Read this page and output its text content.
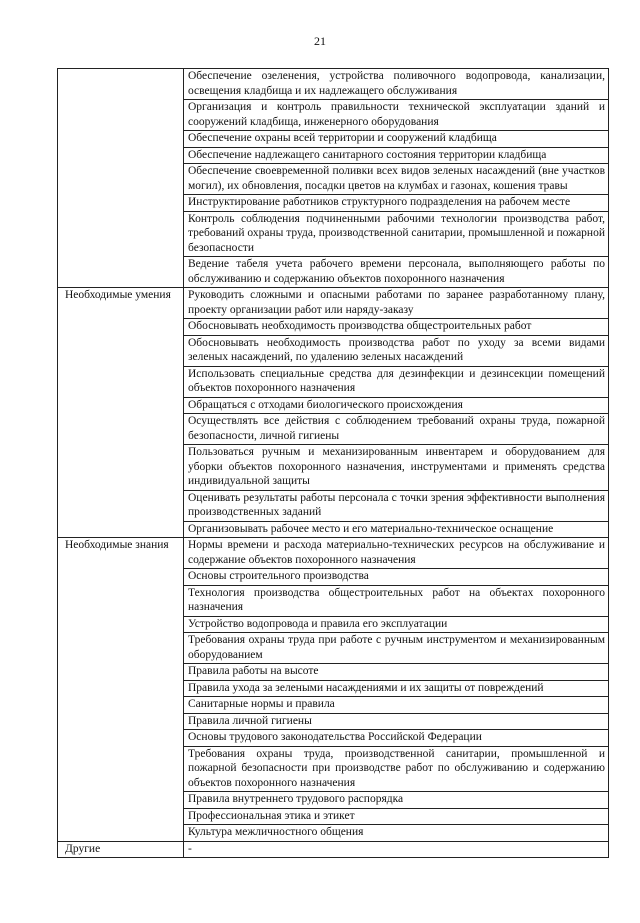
21
	Обеспечение озеленения, устройства поливочного водопровода, канализации, освещения кладбища и их надлежащего обслуживания
	Организация и контроль правильности технической эксплуатации зданий и сооружений кладбища, инженерного оборудования
	Обеспечение охраны всей территории и сооружений кладбища
	Обеспечение надлежащего санитарного состояния территории кладбища
	Обеспечение своевременной поливки всех видов зеленых насаждений (вне участков могил), их обновления, посадки цветов на клумбах и газонах, кошения травы
	Инструктирование работников структурного подразделения на рабочем месте
	Контроль соблюдения подчиненными рабочими технологии производства работ, требований охраны труда, производственной санитарии, промышленной и пожарной безопасности
	Ведение табеля учета рабочего времени персонала, выполняющего работы по обслуживанию и содержанию объектов похоронного назначения
Необходимые умения	Руководить сложными и опасными работами по заранее разработанному плану, проекту организации работ или наряду-заказу
	Обосновывать необходимость производства общестроительных работ
	Обосновывать необходимость производства работ по уходу за всеми видами зеленых насаждений, по удалению зеленых насаждений
	Использовать специальные средства для дезинфекции и дезинсекции помещений объектов похоронного назначения
	Обращаться с отходами биологического происхождения
	Осуществлять все действия с соблюдением требований охраны труда, пожарной безопасности, личной гигиены
	Пользоваться ручным и механизированным инвентарем и оборудованием для уборки объектов похоронного назначения, инструментами и применять средства индивидуальной защиты
	Оценивать результаты работы персонала с точки зрения эффективности выполнения производственных заданий
	Организовывать рабочее место и его материально-техническое оснащение
Необходимые знания	Нормы времени и расхода материально-технических ресурсов на обслуживание и содержание объектов похоронного назначения
	Основы строительного производства
	Технология производства общестроительных работ на объектах похоронного назначения
	Устройство водопровода и правила его эксплуатации
	Требования охраны труда при работе с ручным инструментом и механизированным оборудованием
	Правила работы на высоте
	Правила ухода за зелеными насаждениями и их защиты от повреждений
	Санитарные нормы и правила
	Правила личной гигиены
	Основы трудового законодательства Российской Федерации
	Требования охраны труда, производственной санитарии, промышленной и пожарной безопасности при производстве работ по обслуживанию и содержанию объектов похоронного назначения
	Правила внутреннего трудового распорядка
	Профессиональная этика и этикет
	Культура межличностного общения
Другие	-
